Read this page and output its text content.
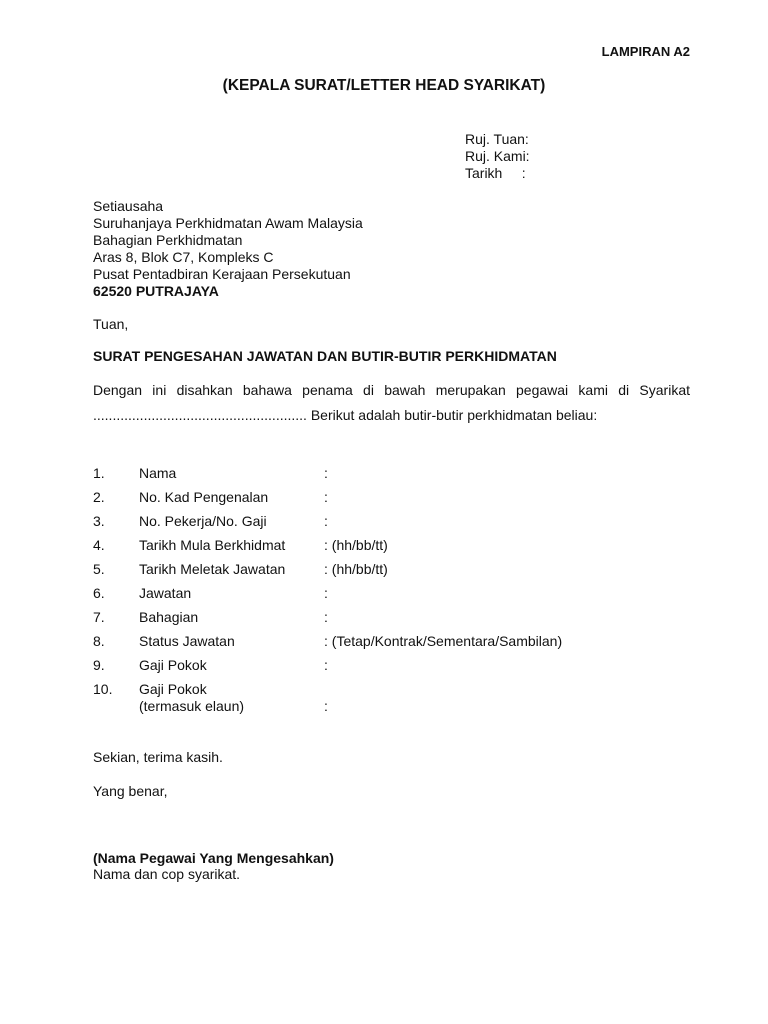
LAMPIRAN A2
(KEPALA SURAT/LETTER HEAD SYARIKAT)
Ruj. Tuan:
Ruj. Kami:
Tarikh     :
Setiausaha
Suruhanjaya Perkhidmatan Awam Malaysia
Bahagian Perkhidmatan
Aras 8, Blok C7, Kompleks C
Pusat Pentadbiran Kerajaan Persekutuan
62520 PUTRAJAYA
Tuan,
SURAT PENGESAHAN JAWATAN DAN BUTIR-BUTIR PERKHIDMATAN
Dengan ini disahkan bahawa penama di bawah merupakan pegawai kami di Syarikat ....................................................... Berikut adalah butir-butir perkhidmatan beliau:
1. Nama	:
2. No. Kad Pengenalan	:
3. No. Pekerja/No. Gaji	:
4. Tarikh Mula Berkhidmat	: (hh/bb/tt)
5. Tarikh Meletak Jawatan	: (hh/bb/tt)
6. Jawatan	:
7. Bahagian	:
8. Status Jawatan	: (Tetap/Kontrak/Sementara/Sambilan)
9. Gaji Pokok	:
10. Gaji Pokok
(termasuk elaun)	:
Sekian, terima kasih.
Yang benar,
(Nama Pegawai Yang Mengesahkan)
Nama dan cop syarikat.
